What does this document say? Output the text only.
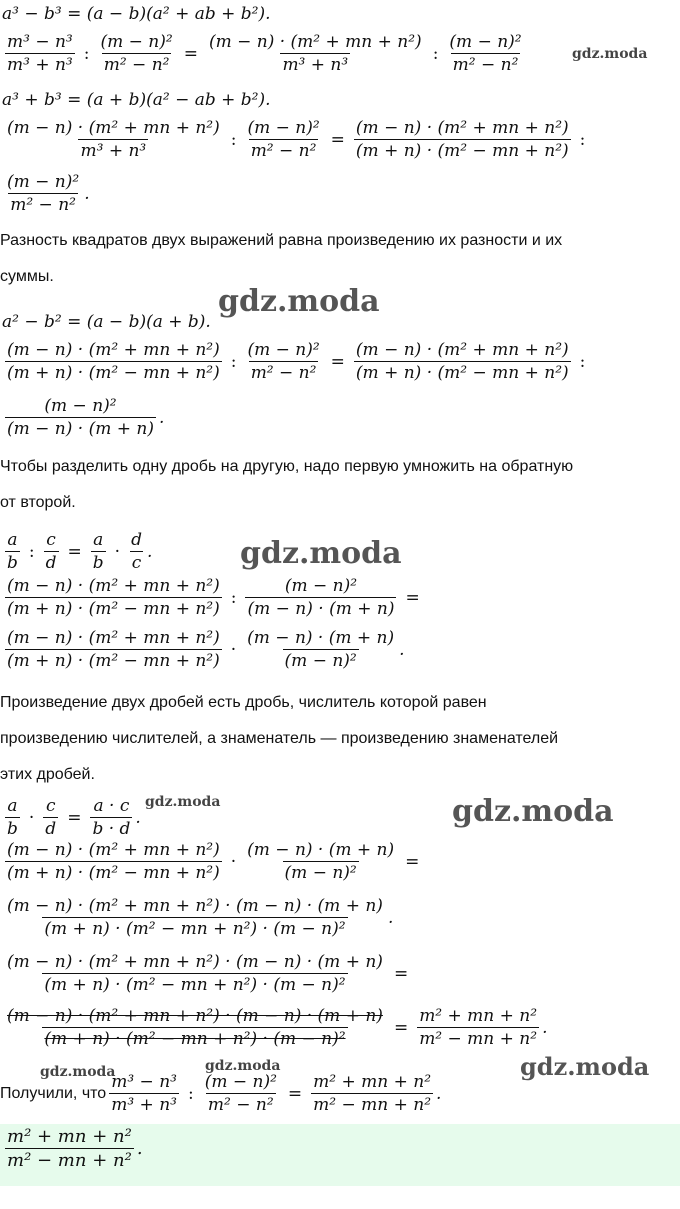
a³ − b³ = (a − b)(a² + ab + b²).
$\frac{\text{m³ − n³}}{\text{m³ + n³}}$ : $\frac{\text{(m − n)²}}{\text{m² − n²}} = \frac{\text{(m − n) · (m² + mn + n²)}}{\text{m³ + n³}}$ : $\frac{\text{(m − n)²}}{\text{m² − n²}}$
a³ + b³ = (a + b)(a² − ab + b²).
$\frac{\text{(m − n) · (m² + mn + n²)}}{\text{m³ + n³}}$ : $\frac{\text{(m − n)²}}{\text{m² − n²}} = \frac{\text{(m − n) · (m² + mn + n²)}}{\text{(m + n) · (m² − mn + n²)}}$ :
$\frac{\text{(m − n)²}}{\text{m² − n²}}$ .
Разность квадратов двух выражений равна произведению их разности и их
суммы.
a² − b² = (a − b)(a + b).
$\frac{\text{(m − n) · (m² + mn + n²)}}{\text{(m + n) · (m² − mn + n²)}}$ : $\frac{\text{(m − n)²}}{\text{m² − n²}} = \frac{\text{(m − n) · (m² + mn + n²)}}{\text{(m + n) · (m² − mn + n²)}}$ :
$\frac{\text{(m − n)²}}{(m - n) \cdot (m + n)}$ .
Чтобы разделить одну дробь на другую, надо первую умножить на обратную
от второй.
$\frac{a}{b}$ : $\frac{c}{d} = \frac{a}{b} \cdot \frac{d}{c}$ .
$\frac{\text{(m − n) · (m² + mn + n²)}}{\text{(m + n) · (m² − mn + n²)}}$ : $\frac{\text{(m − n)²}}{(m - n) \cdot (m + n)}$ =
$\frac{\text{(m − n) · (m² + mn + n²)}}{\text{(m + n) · (m² − mn + n²)}} \cdot \frac{(m - n) \cdot (m + n)}{\text{(m − n)²}}$ .
Произведение двух дробей есть дробь, числитель которой равен
произведению числителей, а знаменатель — произведению знаменателей
этих дробей.
$\frac{a}{b} \cdot \frac{c}{d} = \frac{a \cdot c}{b \cdot d}$ .
$\frac{\text{(m − n) · (m² + mn + n²)}}{\text{(m + n) · (m² − mn + n²)}} \cdot \frac{(m - n) \cdot (m + n)}{\text{(m − n)²}}$ =
$\frac{\text{(m − n) · (m² + mn + n²) · (m − n) · (m + n)}}{\text{(m + n) · (m² − mn + n²) · (m − n)²}}$ .
$\frac{\text{(m − n) · (m² + mn + n²) · (m − n) · (m + n)}}{\text{(m + n) · (m² − mn + n²) · (m − n)²}}$ =
$\frac{\text{(m − n) · (m² + mn + n²) · (m − n) · (m + n)}}{\text{(m + n) · (m² − mn + n²) · (m − n)²}} = \frac{\text{m² + mn + n²}}{\text{m² − mn + n²}}$ .
Получили, что $\frac{\text{m³ − n³}}{\text{m³ + n³}}$ : $\frac{\text{(m − n)²}}{\text{m² − n²}} = \frac{\text{m² + mn + n²}}{\text{m² − mn + n²}}$ .
$\frac{\text{m² + mn + n²}}{\text{m² − mn + n²}}$ .
gdz.moda
gdz.moda
gdz.moda
gdz.moda	gdz.moda
gdz.moda	gdz.moda	gdz.moda
